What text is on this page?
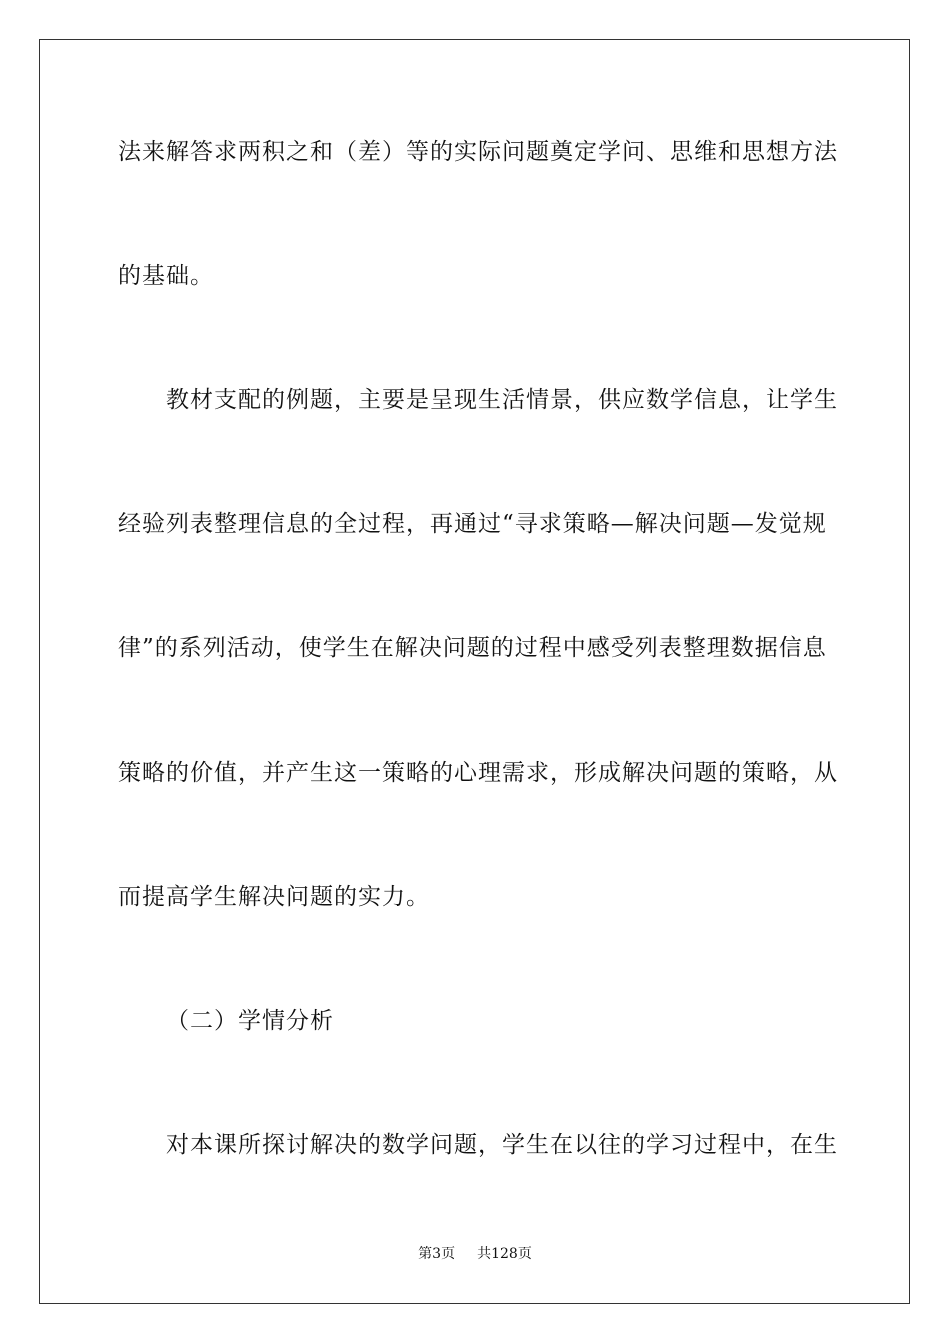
法来解答求两积之和（差）等的实际问题奠定学问、思维和思想方法
的基础。
教材支配的例题，主要是呈现生活情景，供应数学信息，让学生
经验列表整理信息的全过程，再通过“寻求策略—解决问题—发觉规
律”的系列活动，使学生在解决问题的过程中感受列表整理数据信息
策略的价值，并产生这一策略的心理需求，形成解决问题的策略，从
而提高学生解决问题的实力。
（二）学情分析
对本课所探讨解决的数学问题，学生在以往的学习过程中，在生
第3页 共128页
